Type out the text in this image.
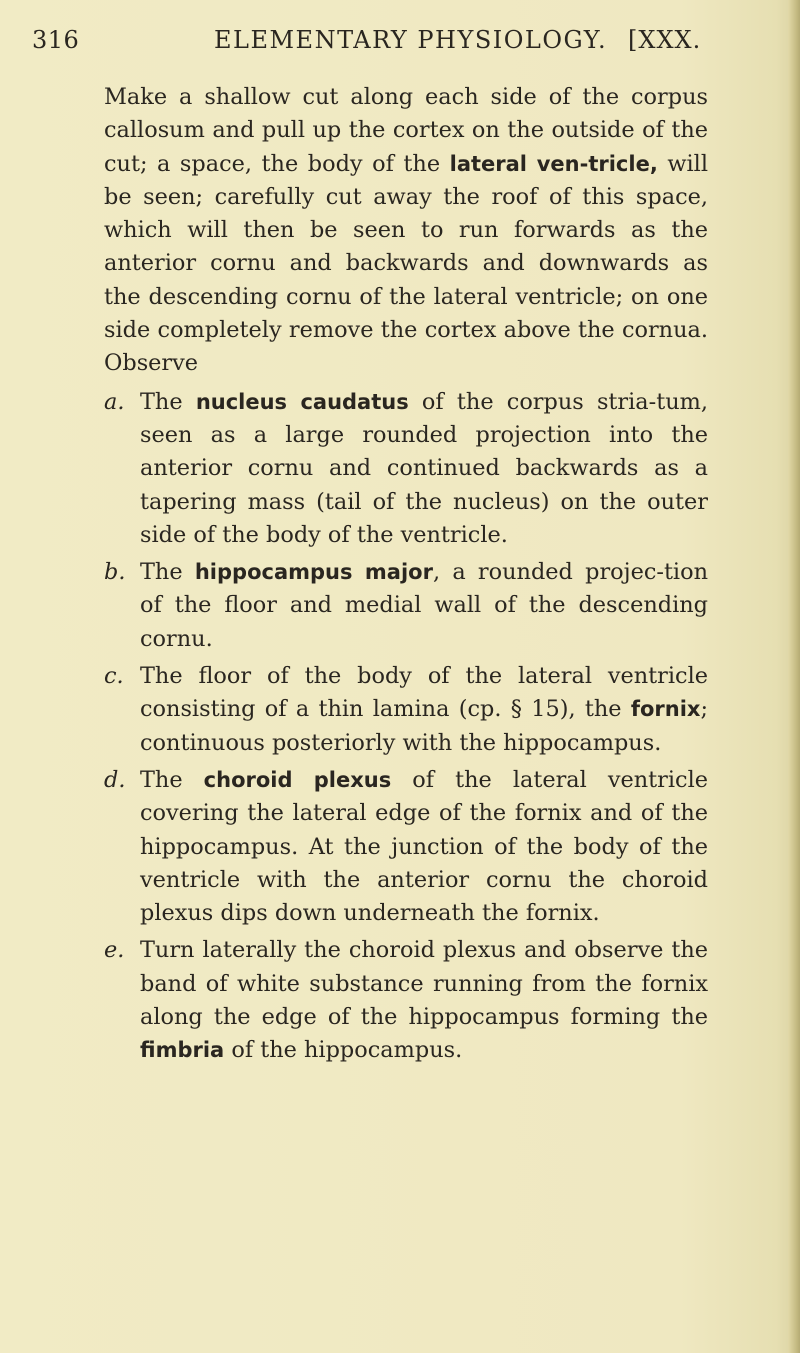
316	ELEMENTARY PHYSIOLOGY. [XXX.

Make a shallow cut along each side of the corpus callosum and pull up the cortex on the outside of the cut; a space, the body of the lateral ven-tricle, will be seen; carefully cut away the roof of this space, which will then be seen to run forwards as the anterior cornu and backwards and downwards as the descending cornu of the lateral ventricle; on one side completely remove the cortex above the cornua. Observe

a. The nucleus caudatus of the corpus stria-tum, seen as a large rounded projection into the anterior cornu and continued backwards as a tapering mass (tail of the nucleus) on the outer side of the body of the ventricle.

b. The hippocampus major, a rounded projec-tion of the floor and medial wall of the descending cornu.

c. The floor of the body of the lateral ventricle consisting of a thin lamina (cp. § 15), the fornix; continuous posteriorly with the hippocampus.

d. The choroid plexus of the lateral ventricle covering the lateral edge of the fornix and of the hippocampus. At the junction of the body of the ventricle with the anterior cornu the choroid plexus dips down underneath the fornix.

e. Turn laterally the choroid plexus and observe the band of white substance running from the fornix along the edge of the hippocampus forming the fimbria of the hippocampus.
